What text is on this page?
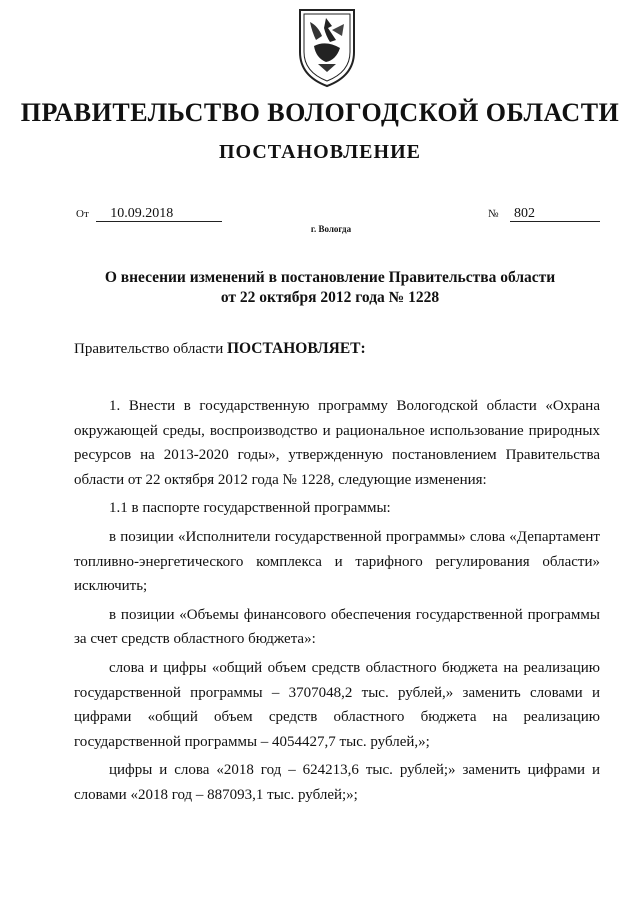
ПРАВИТЕЛЬСТВО ВОЛОГОДСКОЙ ОБЛАСТИ
ПОСТАНОВЛЕНИЕ
От 10.09.2018	№ 802
г. Вологда
О внесении изменений в постановление Правительства области
от 22 октября 2012 года № 1228
Правительство области ПОСТАНОВЛЯЕТ:

1. Внести в государственную программу Вологодской области «Охрана окружающей среды, воспроизводство и рациональное использование природных ресурсов на 2013-2020 годы», утвержденную постановлением Правительства области от 22 октября 2012 года № 1228, следующие изменения:

1.1 в паспорте государственной программы:

в позиции «Исполнители государственной программы» слова «Департамент топливно-энергетического комплекса и тарифного регулирования области» исключить;

в позиции «Объемы финансового обеспечения государственной программы за счет средств областного бюджета»:

слова и цифры «общий объем средств областного бюджета на реализацию государственной программы – 3707048,2 тыс. рублей,» заменить словами и цифрами «общий объем средств областного бюджета на реализацию государственной программы – 4054427,7 тыс. рублей,»;

цифры и слова «2018 год – 624213,6 тыс. рублей;» заменить цифрами и словами «2018 год – 887093,1 тыс. рублей;»;
